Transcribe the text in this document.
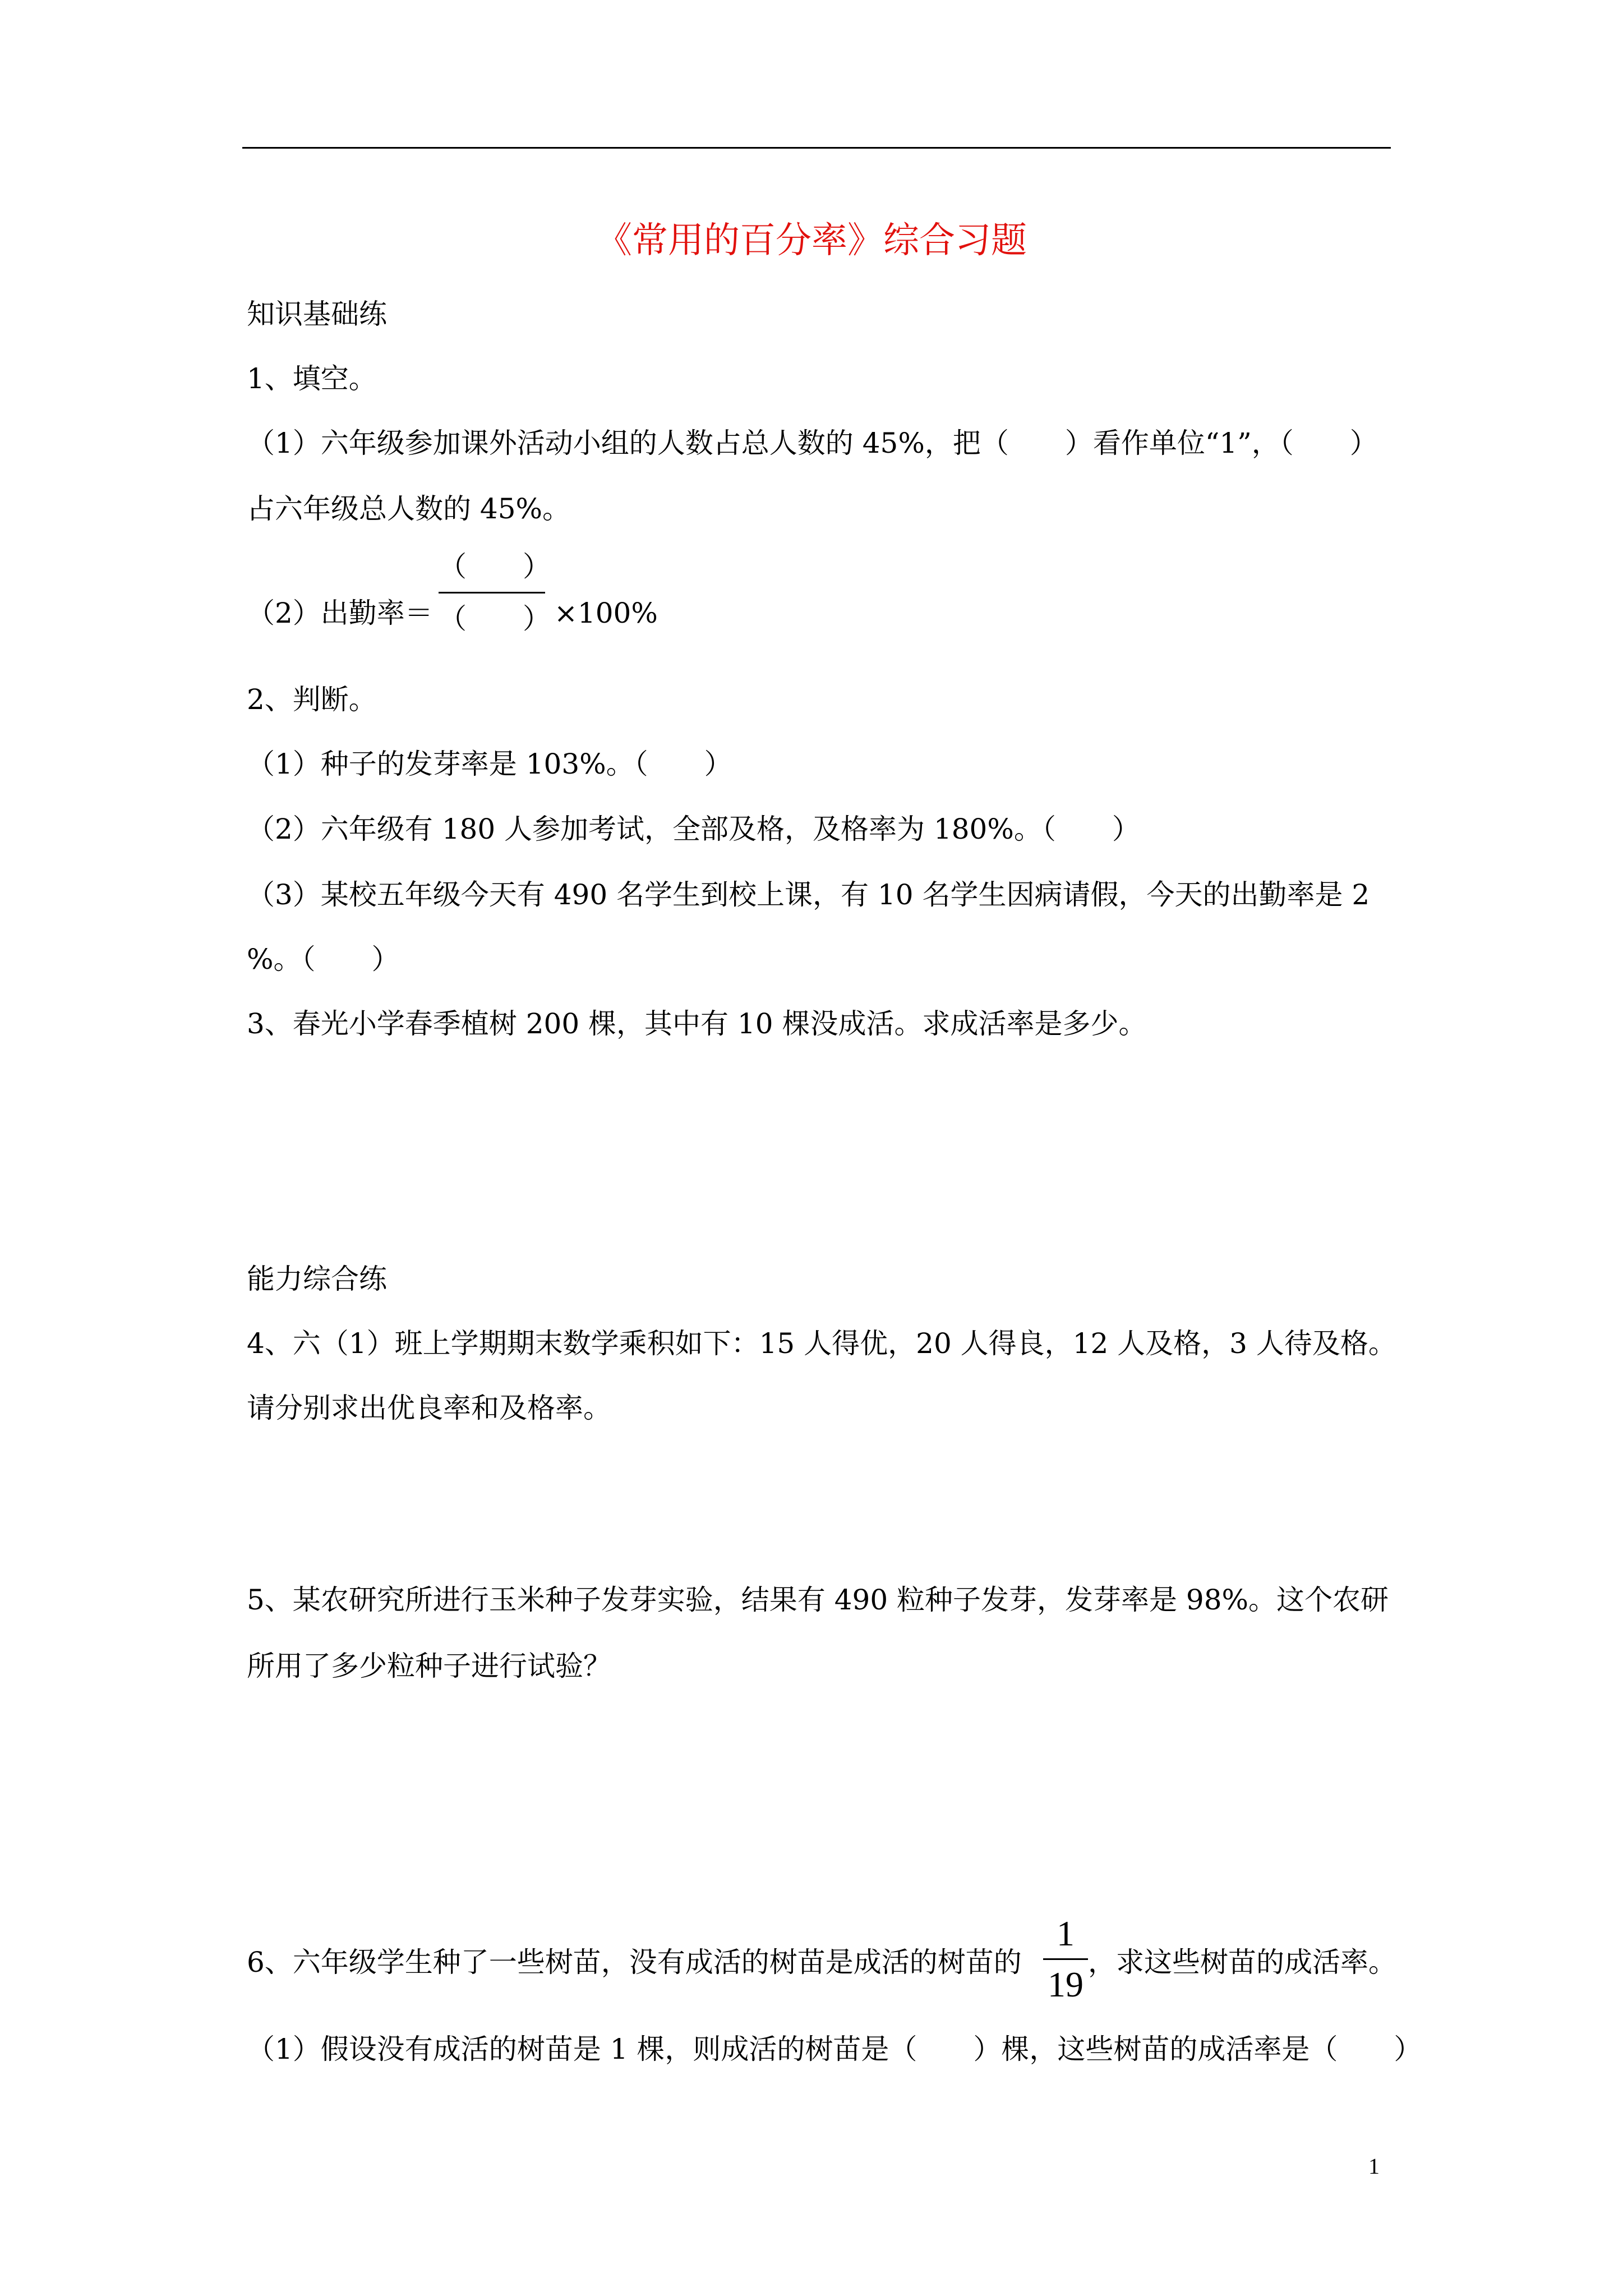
《常用的百分率》综合习题
知识基础练
1、填空。
（1）六年级参加课外活动小组的人数占总人数的 45%，把（　　）看作单位“1”，（　　）
占六年级总人数的 45%。
（2）出勤率＝
（　　）
（　　） ×100%
2、判断。
（1）种子的发芽率是 103%。（　　）
（2）六年级有 180 人参加考试，全部及格，及格率为 180%。（　　）
（3）某校五年级今天有 490 名学生到校上课，有 10 名学生因病请假，今天的出勤率是 2
%。（　　）
3、春光小学春季植树 200 棵，其中有 10 棵没成活。求成活率是多少。
能力综合练
4、六（1）班上学期期末数学乘积如下：15 人得优，20 人得良，12 人及格，3 人待及格。
请分别求出优良率和及格率。
5、某农研究所进行玉米种子发芽实验，结果有 490 粒种子发芽，发芽率是 98%。这个农研
所用了多少粒种子进行试验？
6、六年级学生种了一些树苗，没有成活的树苗是成活的树苗的
1
19
，求这些树苗的成活率。
（1）假设没有成活的树苗是 1 棵，则成活的树苗是（　　）棵，这些树苗的成活率是（　　）
1
